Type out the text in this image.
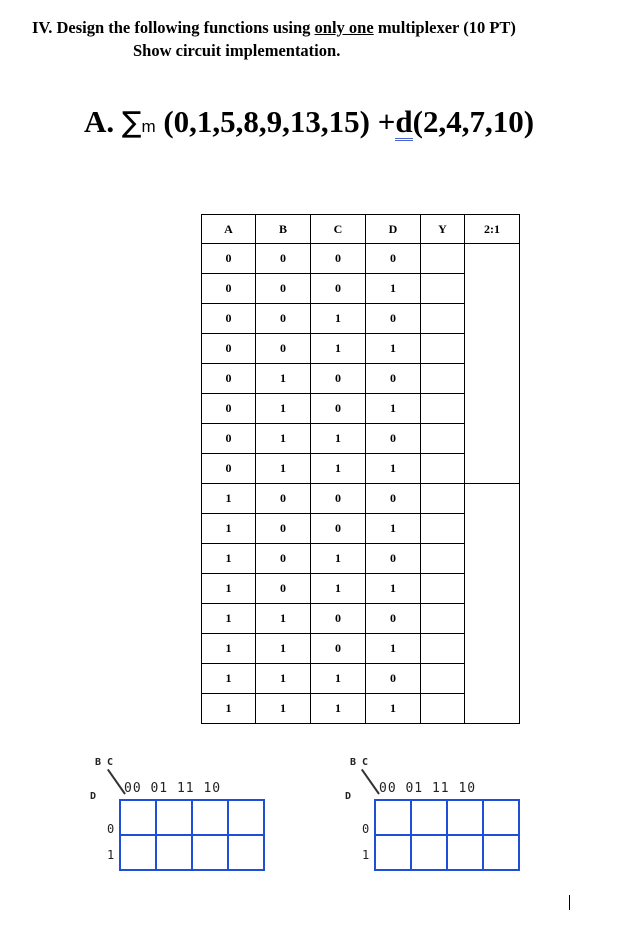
IV. Design the following functions using only one multiplexer (10 PT)
Show circuit implementation.
A. ∑m (0,1,5,8,9,13,15) +d(2,4,7,10)
A	B	C	D	Y	2:1
0	0	0	0		
0	0	0	1		
0	0	1	0		
0	0	1	1		
0	1	0	0		
0	1	0	1		
0	1	1	0		
0	1	1	1		
1	0	0	0		
1	0	0	1		
1	0	1	0		
1	0	1	1		
1	1	0	0		
1	1	0	1		
1	1	1	0		
1	1	1	1		
B C
D
00 01 11 10
0
1

B C
D
00 01 11 10
0
1
